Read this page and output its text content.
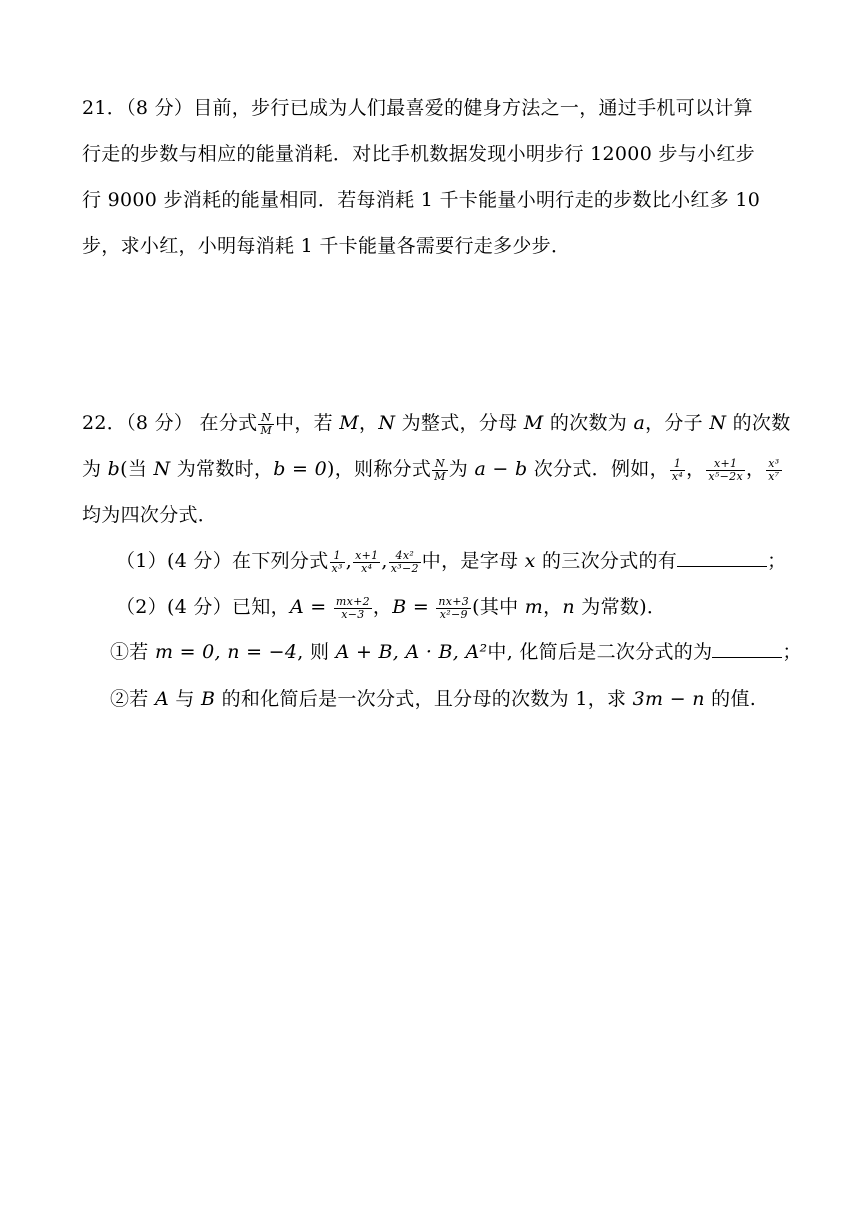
21．（8 分）目前，步行已成为人们最喜爱的健身方法之一，通过手机可以计算
行走的步数与相应的能量消耗．对比手机数据发现小明步行 12000 步与小红步
行 9000 步消耗的能量相同．若每消耗 1 千卡能量小明行走的步数比小红多 10
步，求小红，小明每消耗 1 千卡能量各需要行走多少步．
22．（8 分） 在分式 $\frac{N}{M}$ 中，若 M，N 为整式，分母 M 的次数为 a，分子 N 的次数
为 b(当 N 为常数时，b = 0)，则称分式 $\frac{N}{M}$ 为 a − b 次分式．例如， $\frac{1}{\text{x⁴}}$ ， $\frac{x+1}{\text{x⁵−2x}}$ ， $\frac{\text{x³}}{\text{x⁷}}$
均为四次分式．
（1）(4 分）在下列分式 $\frac{1}{\text{x³}}$ , $\frac{x+1}{\text{x⁴}}$ , $\frac{\text{4x²}}{\text{x³−2}}$ 中，是字母 x 的三次分式的有	；
（2）(4 分）已知，$A = \frac{mx+2}{x-3}$ ，$B = \frac{nx+3}{\text{x²−9}}$ (其中 m，n 为常数)．
①若 m = 0, n = −4, 则 A + B, A · B, A²中, 化简后是二次分式的为	；
②若 A 与 B 的和化简后是一次分式，且分母的次数为 1，求 3m − n 的值.
